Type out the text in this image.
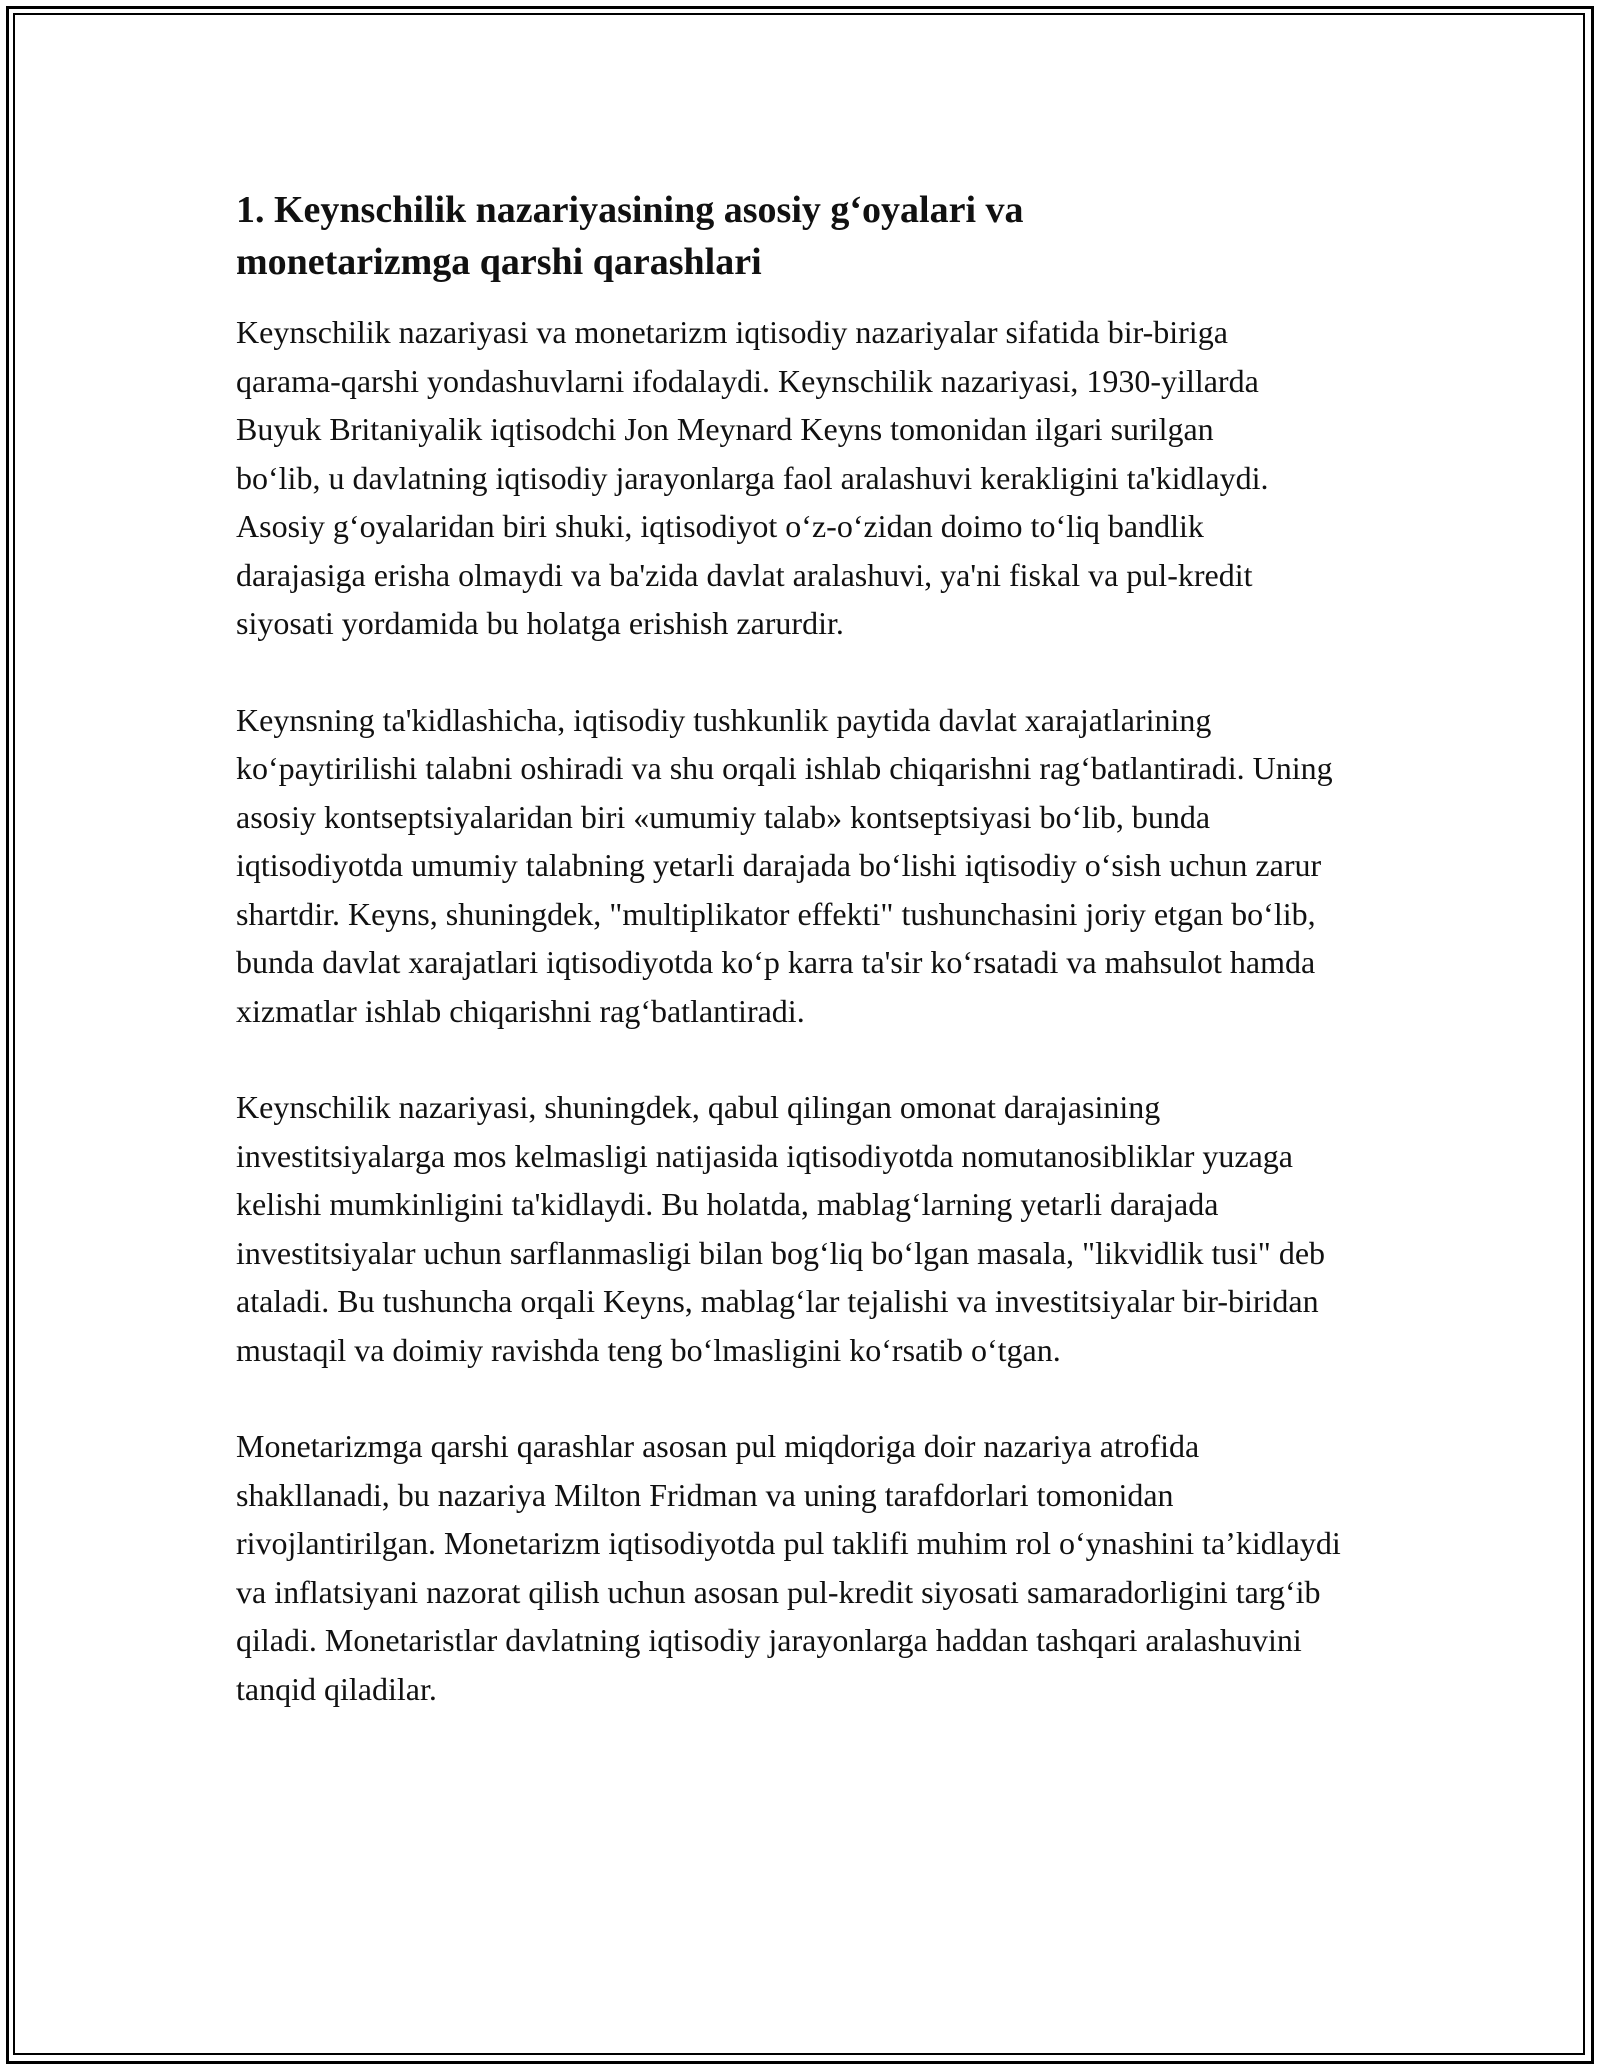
1. Keynschilik nazariyasining asosiy g‘oyalari va monetarizmga qarshi qarashlari

Keynschilik nazariyasi va monetarizm iqtisodiy nazariyalar sifatida bir-biriga qarama-qarshi yondashuvlarni ifodalaydi. Keynschilik nazariyasi, 1930-yillarda Buyuk Britaniyalik iqtisodchi Jon Meynard Keyns tomonidan ilgari surilgan bo‘lib, u davlatning iqtisodiy jarayonlarga faol aralashuvi kerakligini ta'kidlaydi. Asosiy g‘oyalaridan biri shuki, iqtisodiyot o‘z-o‘zidan doimo to‘liq bandlik darajasiga erisha olmaydi va ba'zida davlat aralashuvi, ya'ni fiskal va pul-kredit siyosati yordamida bu holatga erishish zarurdir.

Keynsning ta'kidlashicha, iqtisodiy tushkunlik paytida davlat xarajatlarining ko‘paytirilishi talabni oshiradi va shu orqali ishlab chiqarishni rag‘batlantiradi. Uning asosiy kontseptsiyalaridan biri «umumiy talab» kontseptsiyasi bo‘lib, bunda iqtisodiyotda umumiy talabning yetarli darajada bo‘lishi iqtisodiy o‘sish uchun zarur shartdir. Keyns, shuningdek, "multiplikator effekti" tushunchasini joriy etgan bo‘lib, bunda davlat xarajatlari iqtisodiyotda ko‘p karra ta'sir ko‘rsatadi va mahsulot hamda xizmatlar ishlab chiqarishni rag‘batlantiradi.

Keynschilik nazariyasi, shuningdek, qabul qilingan omonat darajasining investitsiyalarga mos kelmasligi natijasida iqtisodiyotda nomutanosibliklar yuzaga kelishi mumkinligini ta'kidlaydi. Bu holatda, mablag‘larning yetarli darajada investitsiyalar uchun sarflanmasligi bilan bog‘liq bo‘lgan masala, "likvidlik tusi" deb ataladi. Bu tushuncha orqali Keyns, mablag‘lar tejalishi va investitsiyalar bir-biridan mustaqil va doimiy ravishda teng bo‘lmasligini ko‘rsatib o‘tgan.

Monetarizmga qarshi qarashlar asosan pul miqdoriga doir nazariya atrofida shakllanadi, bu nazariya Milton Fridman va uning tarafdorlari tomonidan rivojlantirilgan. Monetarizm iqtisodiyotda pul taklifi muhim rol o‘ynashini ta’kidlaydi va inflatsiyani nazorat qilish uchun asosan pul-kredit siyosati samaradorligini targ‘ib qiladi. Monetaristlar davlatning iqtisodiy jarayonlarga haddan tashqari aralashuvini tanqid qiladilar.
